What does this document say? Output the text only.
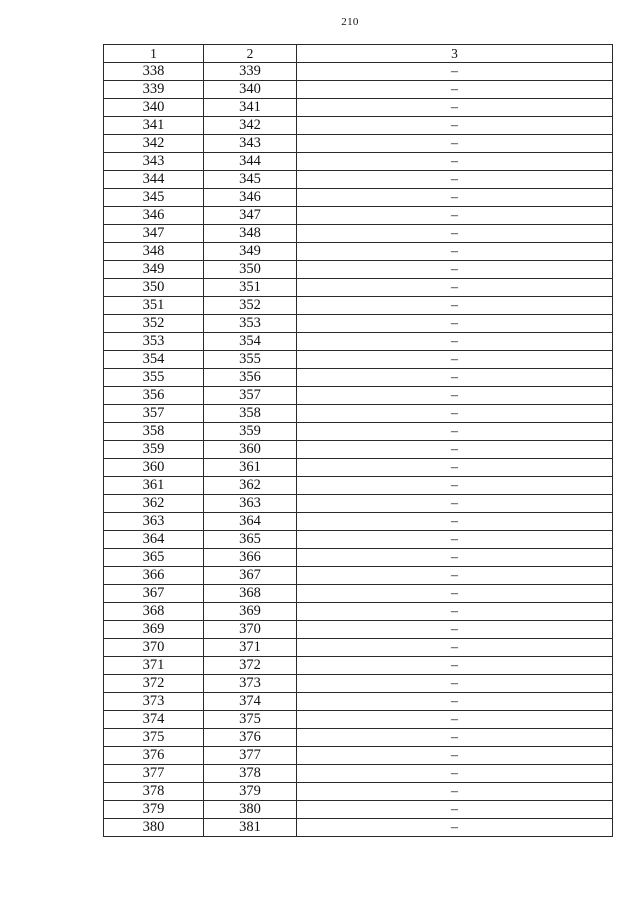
210
1	2	3
338	339	–
339	340	–
340	341	–
341	342	–
342	343	–
343	344	–
344	345	–
345	346	–
346	347	–
347	348	–
348	349	–
349	350	–
350	351	–
351	352	–
352	353	–
353	354	–
354	355	–
355	356	–
356	357	–
357	358	–
358	359	–
359	360	–
360	361	–
361	362	–
362	363	–
363	364	–
364	365	–
365	366	–
366	367	–
367	368	–
368	369	–
369	370	–
370	371	–
371	372	–
372	373	–
373	374	–
374	375	–
375	376	–
376	377	–
377	378	–
378	379	–
379	380	–
380	381	–
